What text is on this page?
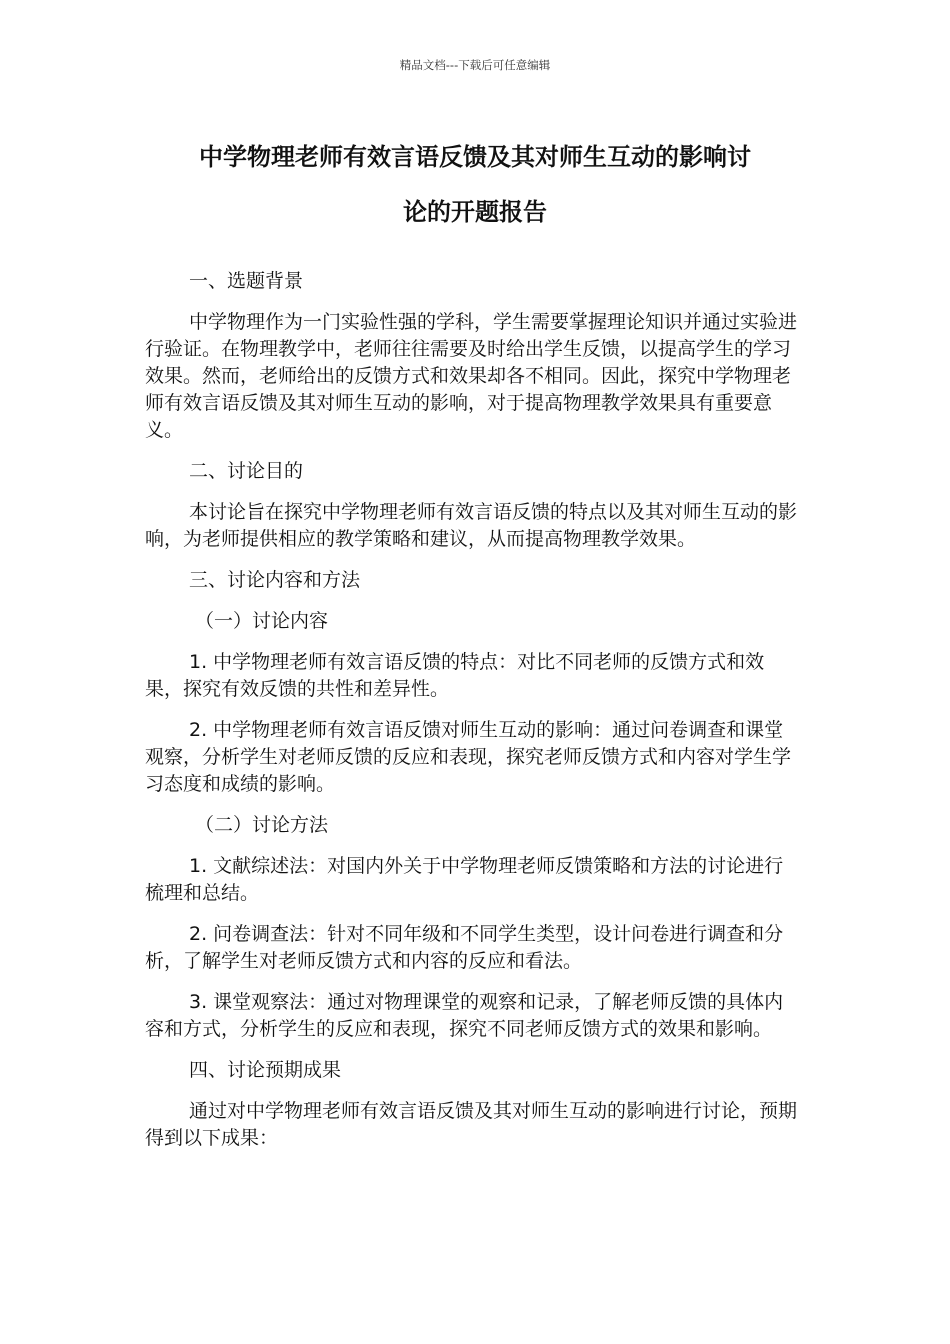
精品文档---下载后可任意编辑

中学物理老师有效言语反馈及其对师生互动的影响讨
论的开题报告

一、选题背景

中学物理作为一门实验性强的学科，学生需要掌握理论知识并通过实验进行验证。在物理教学中，老师往往需要及时给出学生反馈，以提高学生的学习效果。然而，老师给出的反馈方式和效果却各不相同。因此，探究中学物理老师有效言语反馈及其对师生互动的影响，对于提高物理教学效果具有重要意义。

二、讨论目的

本讨论旨在探究中学物理老师有效言语反馈的特点以及其对师生互动的影响，为老师提供相应的教学策略和建议，从而提高物理教学效果。

三、讨论内容和方法

（一）讨论内容

1. 中学物理老师有效言语反馈的特点：对比不同老师的反馈方式和效果，探究有效反馈的共性和差异性。

2. 中学物理老师有效言语反馈对师生互动的影响：通过问卷调查和课堂观察，分析学生对老师反馈的反应和表现，探究老师反馈方式和内容对学生学习态度和成绩的影响。

（二）讨论方法

1. 文献综述法：对国内外关于中学物理老师反馈策略和方法的讨论进行梳理和总结。

2. 问卷调查法：针对不同年级和不同学生类型，设计问卷进行调查和分析，了解学生对老师反馈方式和内容的反应和看法。

3. 课堂观察法：通过对物理课堂的观察和记录，了解老师反馈的具体内容和方式，分析学生的反应和表现，探究不同老师反馈方式的效果和影响。

四、讨论预期成果

通过对中学物理老师有效言语反馈及其对师生互动的影响进行讨论，预期得到以下成果：
